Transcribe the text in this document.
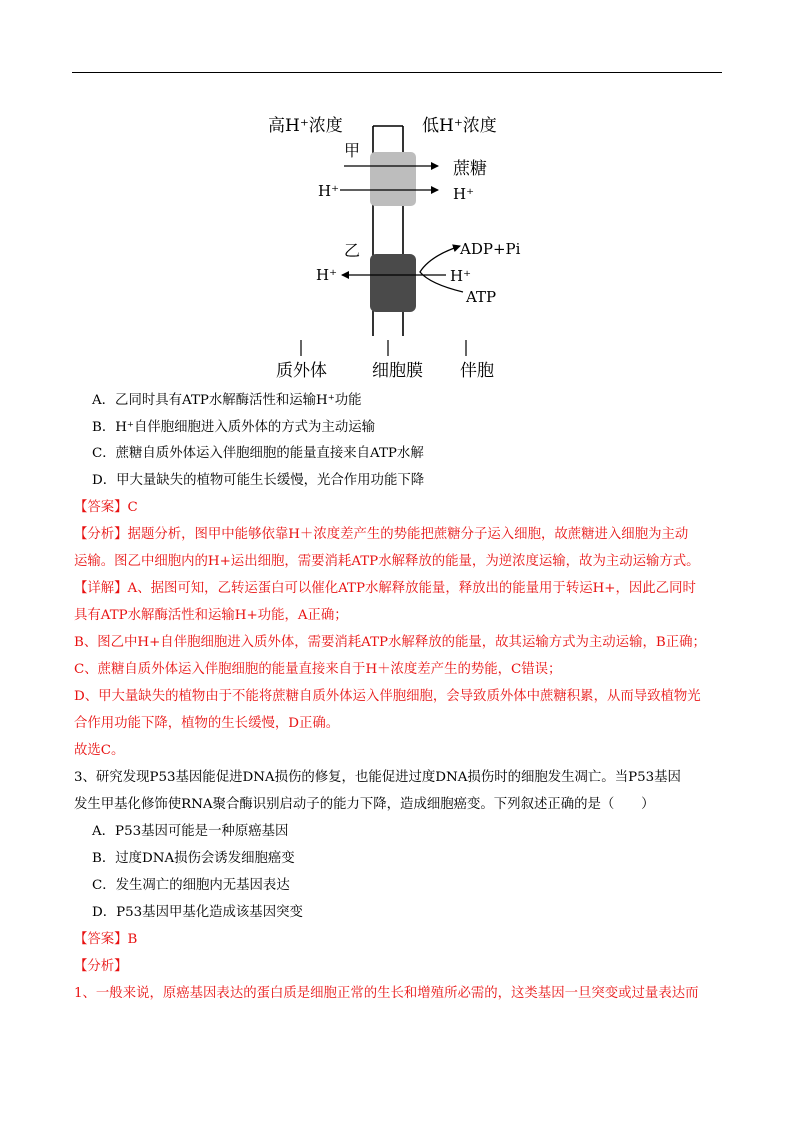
高H⁺浓度	低H⁺浓度
甲
蔗糖
H⁺	H⁺
乙	ADP+Pi
H⁺	H⁺
ATP
质外体	细胞膜 伴胞
A．乙同时具有ATP水解酶活性和运输H⁺功能
B．H⁺自伴胞细胞进入质外体的方式为主动运输
C．蔗糖自质外体运入伴胞细胞的能量直接来自ATP水解
D．甲大量缺失的植物可能生长缓慢，光合作用功能下降
【答案】C
【分析】据题分析，图甲中能够依靠H＋浓度差产生的势能把蔗糖分子运入细胞，故蔗糖进入细胞为主动
运输。图乙中细胞内的H+运出细胞，需要消耗ATP水解释放的能量，为逆浓度运输，故为主动运输方式。
【详解】A、据图可知，乙转运蛋白可以催化ATP水解释放能量，释放出的能量用于转运H+，因此乙同时
具有ATP水解酶活性和运输H+功能，A正确；
B、图乙中H+自伴胞细胞进入质外体，需要消耗ATP水解释放的能量，故其运输方式为主动运输，B正确；
C、蔗糖自质外体运入伴胞细胞的能量直接来自于H＋浓度差产生的势能，C错误；
D、甲大量缺失的植物由于不能将蔗糖自质外体运入伴胞细胞，会导致质外体中蔗糖积累，从而导致植物光
合作用功能下降，植物的生长缓慢，D正确。
故选C。
3、研究发现P53基因能促进DNA损伤的修复，也能促进过度DNA损伤时的细胞发生凋亡。当P53基因
发生甲基化修饰使RNA聚合酶识别启动子的能力下降，造成细胞癌变。下列叙述正确的是（　　）
A．P53基因可能是一种原癌基因
B．过度DNA损伤会诱发细胞癌变
C．发生凋亡的细胞内无基因表达
D．P53基因甲基化造成该基因突变
【答案】B
【分析】
1、一般来说，原癌基因表达的蛋白质是细胞正常的生长和增殖所必需的，这类基因一旦突变或过量表达而
